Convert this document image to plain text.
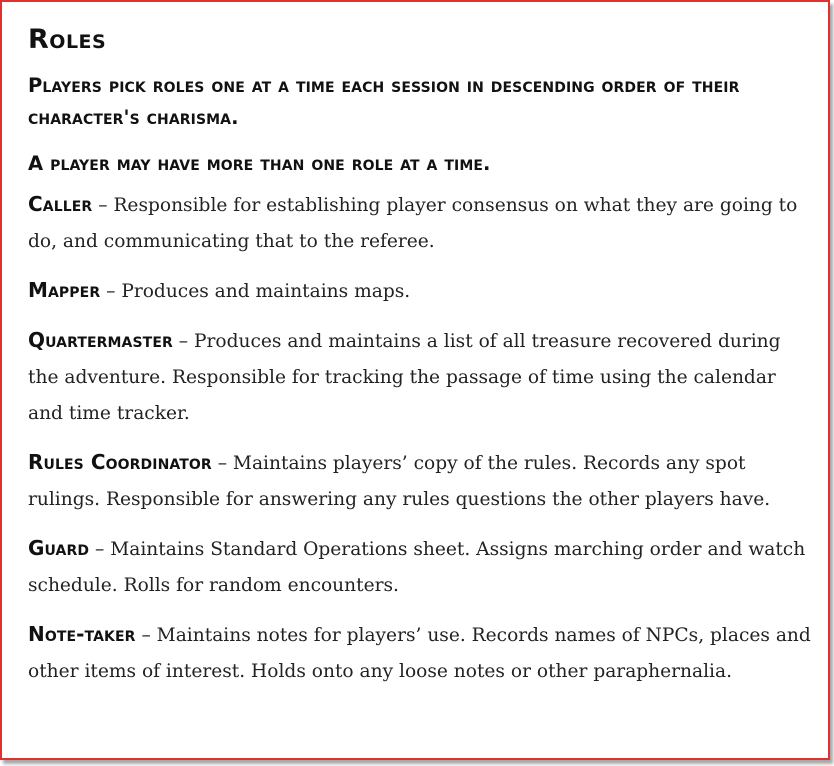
Roles

Players pick roles one at a time each session in descending order of their character's charisma.

A player may have more than one role at a time.

Caller – Responsible for establishing player consensus on what they are going to do, and communicating that to the referee.

Mapper – Produces and maintains maps.

Quartermaster – Produces and maintains a list of all treasure recovered during the adventure. Responsible for tracking the passage of time using the calendar and time tracker.

Rules Coordinator – Maintains players’ copy of the rules. Records any spot rulings. Responsible for answering any rules questions the other players have.

Guard – Maintains Standard Operations sheet. Assigns marching order and watch schedule. Rolls for random encounters.

Note-taker – Maintains notes for players’ use. Records names of NPCs, places and other items of interest. Holds onto any loose notes or other paraphernalia.
